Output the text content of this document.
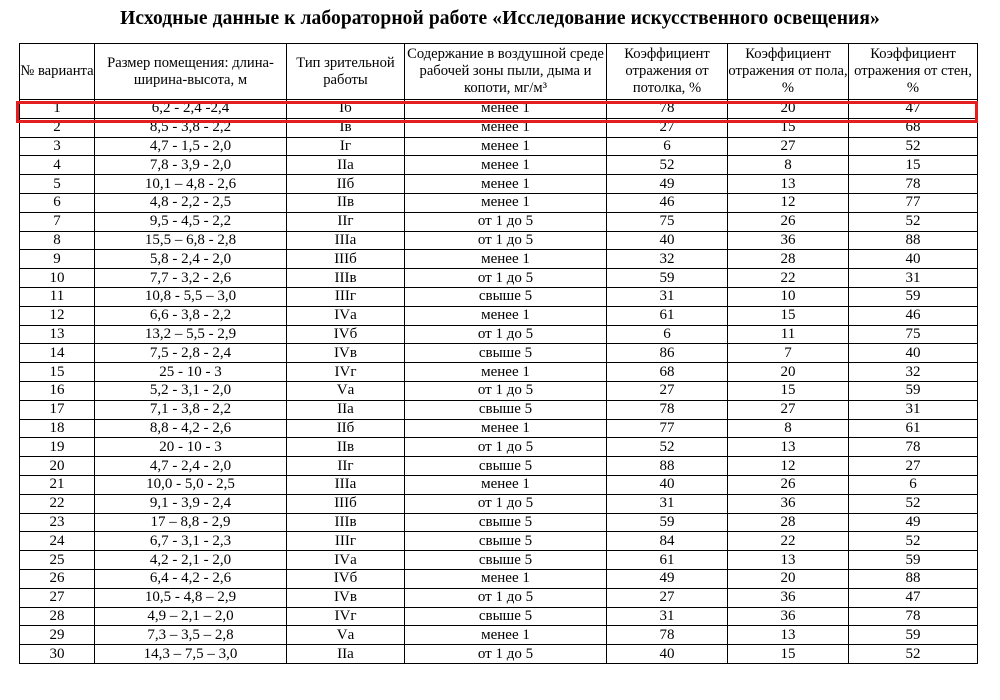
Исходные данные к лабораторной работе «Исследование искусственного освещения»
№ варианта	Размер помещения: длина-ширина-высота, м	Тип зрительной работы	Содержание в воздушной среде рабочей зоны пыли, дыма и копоти, мг/м³	Коэффициент отражения от потолка, %	Коэффициент отражения от пола, %	Коэффициент отражения от стен, %
1	6,2 - 2,4 -2,4	Iб	менее 1	78	20	47
2	8,5 - 3,8 - 2,2	Iв	менее 1	27	15	68
3	4,7 - 1,5 - 2,0	Iг	менее 1	6	27	52
4	7,8 - 3,9 - 2,0	IIа	менее 1	52	8	15
5	10,1 – 4,8 - 2,6	IIб	менее 1	49	13	78
6	4,8 - 2,2 - 2,5	IIв	менее 1	46	12	77
7	9,5 - 4,5 - 2,2	IIг	от 1 до 5	75	26	52
8	15,5 – 6,8 - 2,8	IIIа	от 1 до 5	40	36	88
9	5,8 - 2,4 - 2,0	IIIб	менее 1	32	28	40
10	7,7 - 3,2 - 2,6	IIIв	от 1 до 5	59	22	31
11	10,8 - 5,5 – 3,0	IIIг	свыше 5	31	10	59
12	6,6 - 3,8 - 2,2	IVа	менее 1	61	15	46
13	13,2 – 5,5 - 2,9	IVб	от 1 до 5	6	11	75
14	7,5 - 2,8 - 2,4	IVв	свыше 5	86	7	40
15	25 - 10 - 3	IVг	менее 1	68	20	32
16	5,2 - 3,1 - 2,0	Vа	от 1 до 5	27	15	59
17	7,1 - 3,8 - 2,2	IIа	свыше 5	78	27	31
18	8,8 - 4,2 - 2,6	IIб	менее 1	77	8	61
19	20 - 10 - 3	IIв	от 1 до 5	52	13	78
20	4,7 - 2,4 - 2,0	IIг	свыше 5	88	12	27
21	10,0 - 5,0 - 2,5	IIIа	менее 1	40	26	6
22	9,1 - 3,9 - 2,4	IIIб	от 1 до 5	31	36	52
23	17 – 8,8 - 2,9	IIIв	свыше 5	59	28	49
24	6,7 - 3,1 - 2,3	IIIг	свыше 5	84	22	52
25	4,2 - 2,1 - 2,0	IVа	свыше 5	61	13	59
26	6,4 - 4,2 - 2,6	IVб	менее 1	49	20	88
27	10,5 - 4,8 – 2,9	IVв	от 1 до 5	27	36	47
28	4,9 – 2,1 – 2,0	IVг	свыше 5	31	36	78
29	7,3 – 3,5 – 2,8	Vа	менее 1	78	13	59
30	14,3 – 7,5 – 3,0	IIа	от 1 до 5	40	15	52
